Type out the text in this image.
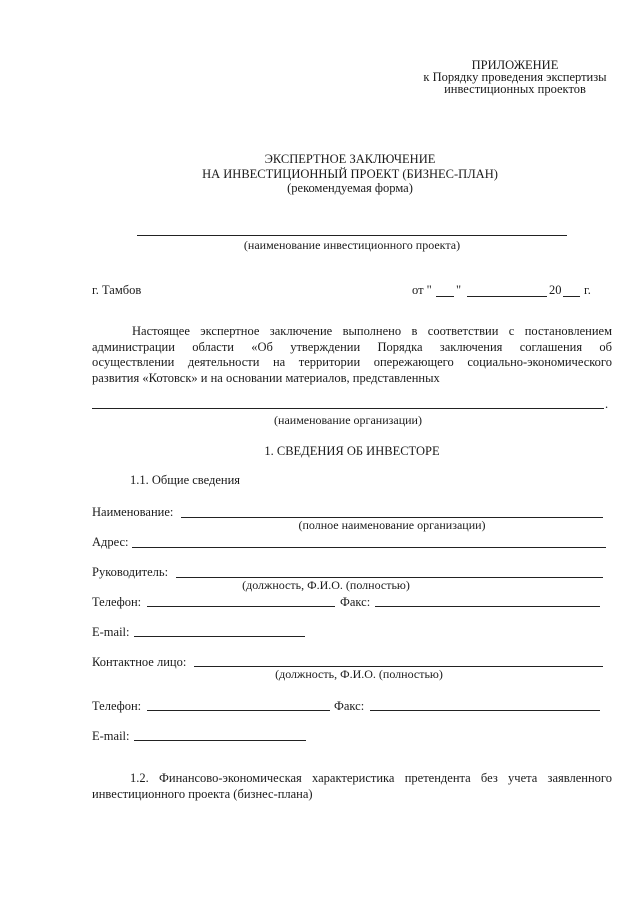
ПРИЛОЖЕНИЕ
к Порядку проведения экспертизы
инвестиционных проектов
ЭКСПЕРТНОЕ ЗАКЛЮЧЕНИЕ
НА ИНВЕСТИЦИОННЫЙ ПРОЕКТ (БИЗНЕС-ПЛАН)
(рекомендуемая форма)
(наименование инвестиционного проекта)
г. Тамбов	от " "	20 г.
Настоящее экспертное заключение выполнено в соответствии с постановлением
администрации области «Об утверждении Порядка заключения соглашения об
осуществлении деятельности на территории опережающего социально-экономического
развития «Котовск» и на основании материалов, представленных
.
(наименование организации)
1. СВЕДЕНИЯ ОБ ИНВЕСТОРЕ
1.1. Общие сведения
Наименование:
(полное наименование организации)
Адрес:
Руководитель:
(должность, Ф.И.О. (полностью)
Телефон:	Факс:
E-mail:
Контактное лицо:
(должность, Ф.И.О. (полностью)
Телефон:	Факс:
E-mail:
1.2. Финансово-экономическая характеристика претендента без учета заявленного
инвестиционного проекта (бизнес-плана)
